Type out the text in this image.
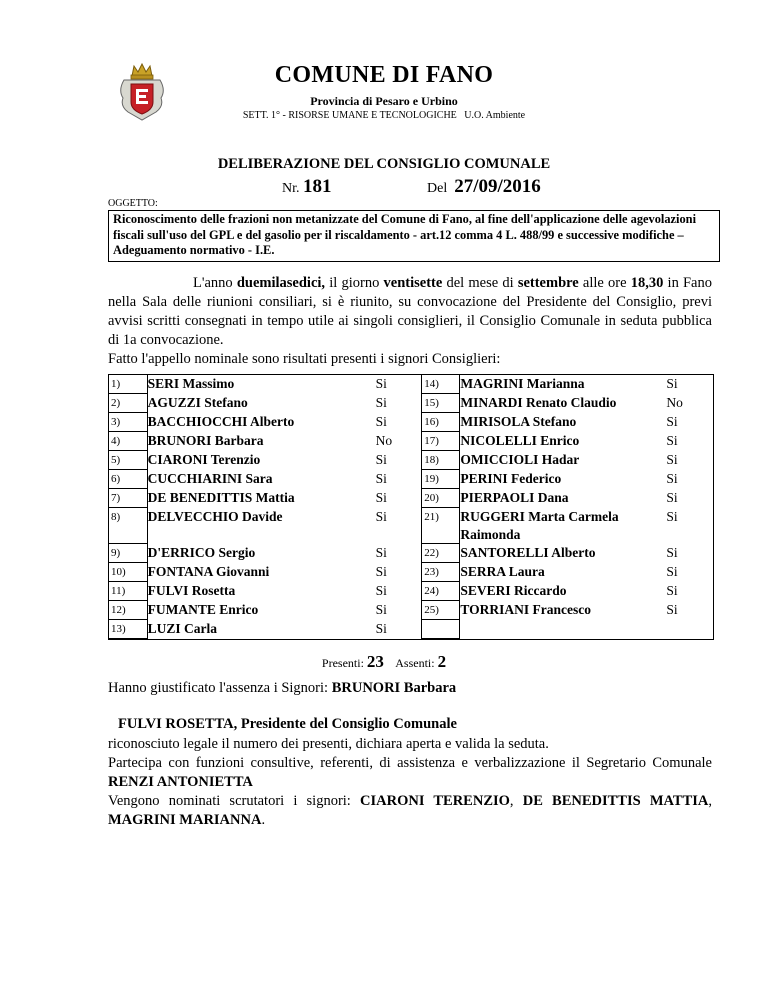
COMUNE DI FANO
Provincia di Pesaro e Urbino
SETT. 1° - RISORSE UMANE E TECNOLOGICHE U.O. Ambiente
DELIBERAZIONE DEL CONSIGLIO COMUNALE
Nr. 181	Del 27/09/2016
OGGETTO:
Riconoscimento delle frazioni non metanizzate del Comune di Fano, al fine dell'applicazione delle agevolazioni fiscali sull'uso del GPL e del gasolio per il riscaldamento - art.12 comma 4 L. 488/99 e successive modifiche – Adeguamento normativo - I.E.

L'anno duemilasedici, il giorno ventisette del mese di settembre alle ore 18,30 in Fano nella Sala delle riunioni consiliari, si è riunito, su convocazione del Presidente del Consiglio, previ avvisi scritti consegnati in tempo utile ai singoli consiglieri, il Consiglio Comunale in seduta pubblica di 1a convocazione.

Fatto l'appello nominale sono risultati presenti i signori Consiglieri:

1)	SERI Massimo	Si	14)	MAGRINI Marianna	Si
2)	AGUZZI Stefano	Si	15)	MINARDI Renato Claudio	No
3)	BACCHIOCCHI Alberto	Si	16)	MIRISOLA Stefano	Si
4)	BRUNORI Barbara	No	17)	NICOLELLI Enrico	Si
5)	CIARONI Terenzio	Si	18)	OMICCIOLI Hadar	Si
6)	CUCCHIARINI Sara	Si	19)	PERINI Federico	Si
7)	DE BENEDITTIS Mattia	Si	20)	PIERPAOLI Dana	Si
8)	DELVECCHIO Davide	Si	21)	RUGGERI Marta Carmela Raimonda	Si
9)	D'ERRICO Sergio	Si	22)	SANTORELLI Alberto	Si
10)	FONTANA Giovanni	Si	23)	SERRA Laura	Si
11)	FULVI Rosetta	Si	24)	SEVERI Riccardo	Si
12)	FUMANTE Enrico	Si	25)	TORRIANI Francesco	Si
13)	LUZI Carla	Si			
Presenti: 23 Assenti: 2
Hanno giustificato l'assenza i Signori: BRUNORI Barbara
FULVI ROSETTA, Presidente del Consiglio Comunale

riconosciuto legale il numero dei presenti, dichiara aperta e valida la seduta.

Partecipa con funzioni consultive, referenti, di assistenza e verbalizzazione il Segretario Comunale RENZI ANTONIETTA

Vengono nominati scrutatori i signori: CIARONI TERENZIO, DE BENEDITTIS MATTIA, MAGRINI MARIANNA.
